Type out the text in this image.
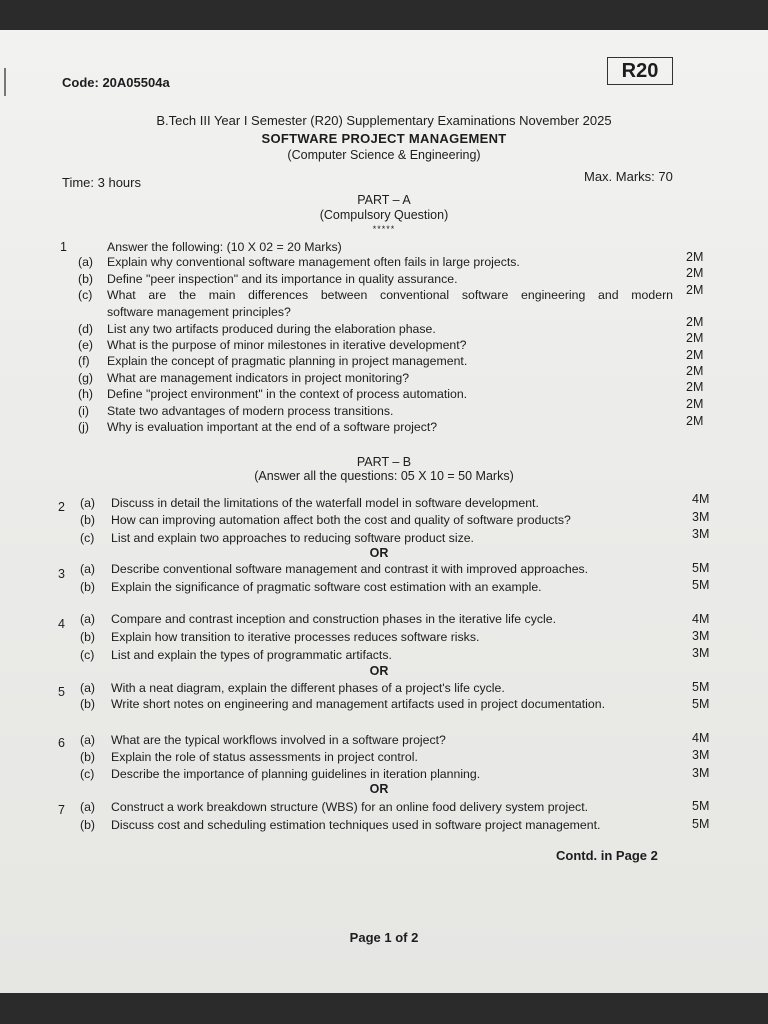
Code: 20A05504a
R20
B.Tech III Year I Semester (R20) Supplementary Examinations November 2025
SOFTWARE PROJECT MANAGEMENT
(Computer Science & Engineering)
Time: 3 hours	Max. Marks: 70
PART – A
(Compulsory Question)
*****
1	Answer the following: (10 X 02 = 20 Marks)
(a) Explain why conventional software management often fails in large projects.	2M
(b) Define "peer inspection" and its importance in quality assurance.	2M
(c) What are the main differences between conventional software engineering and modern
software management principles?
2M
(d) List any two artifacts produced during the elaboration phase.	2M
(e) What is the purpose of minor milestones in iterative development?	2M
(f) Explain the concept of pragmatic planning in project management.	2M
(g) What are management indicators in project monitoring?	2M
(h) Define "project environment" in the context of process automation.	2M
(i) State two advantages of modern process transitions.	2M
(j) Why is evaluation important at the end of a software project?	2M
PART – B
(Answer all the questions: 05 X 10 = 50 Marks)
2 (a) Discuss in detail the limitations of the waterfall model in software development.	4M
(b) How can improving automation affect both the cost and quality of software products?	3M
(c) List and explain two approaches to reducing software product size.	3M
3 (a) Describe conventional software management and contrast it with improved approaches.	5M
(b) Explain the significance of pragmatic software cost estimation with an example.	5M
4 (a) Compare and contrast inception and construction phases in the iterative life cycle.	4M
(b) Explain how transition to iterative processes reduces software risks.	3M
(c) List and explain the types of programmatic artifacts.	3M
5 (a) With a neat diagram, explain the different phases of a project's life cycle.	5M
(b) Write short notes on engineering and management artifacts used in project documentation.	5M
6 (a) What are the typical workflows involved in a software project?	4M
(b) Explain the role of status assessments in project control.	3M
(c) Describe the importance of planning guidelines in iteration planning.	3M
7 (a) Construct a work breakdown structure (WBS) for an online food delivery system project.	5M
(b) Discuss cost and scheduling estimation techniques used in software project management.	5M
OR
OR
OR
Contd. in Page 2
Page 1 of 2
